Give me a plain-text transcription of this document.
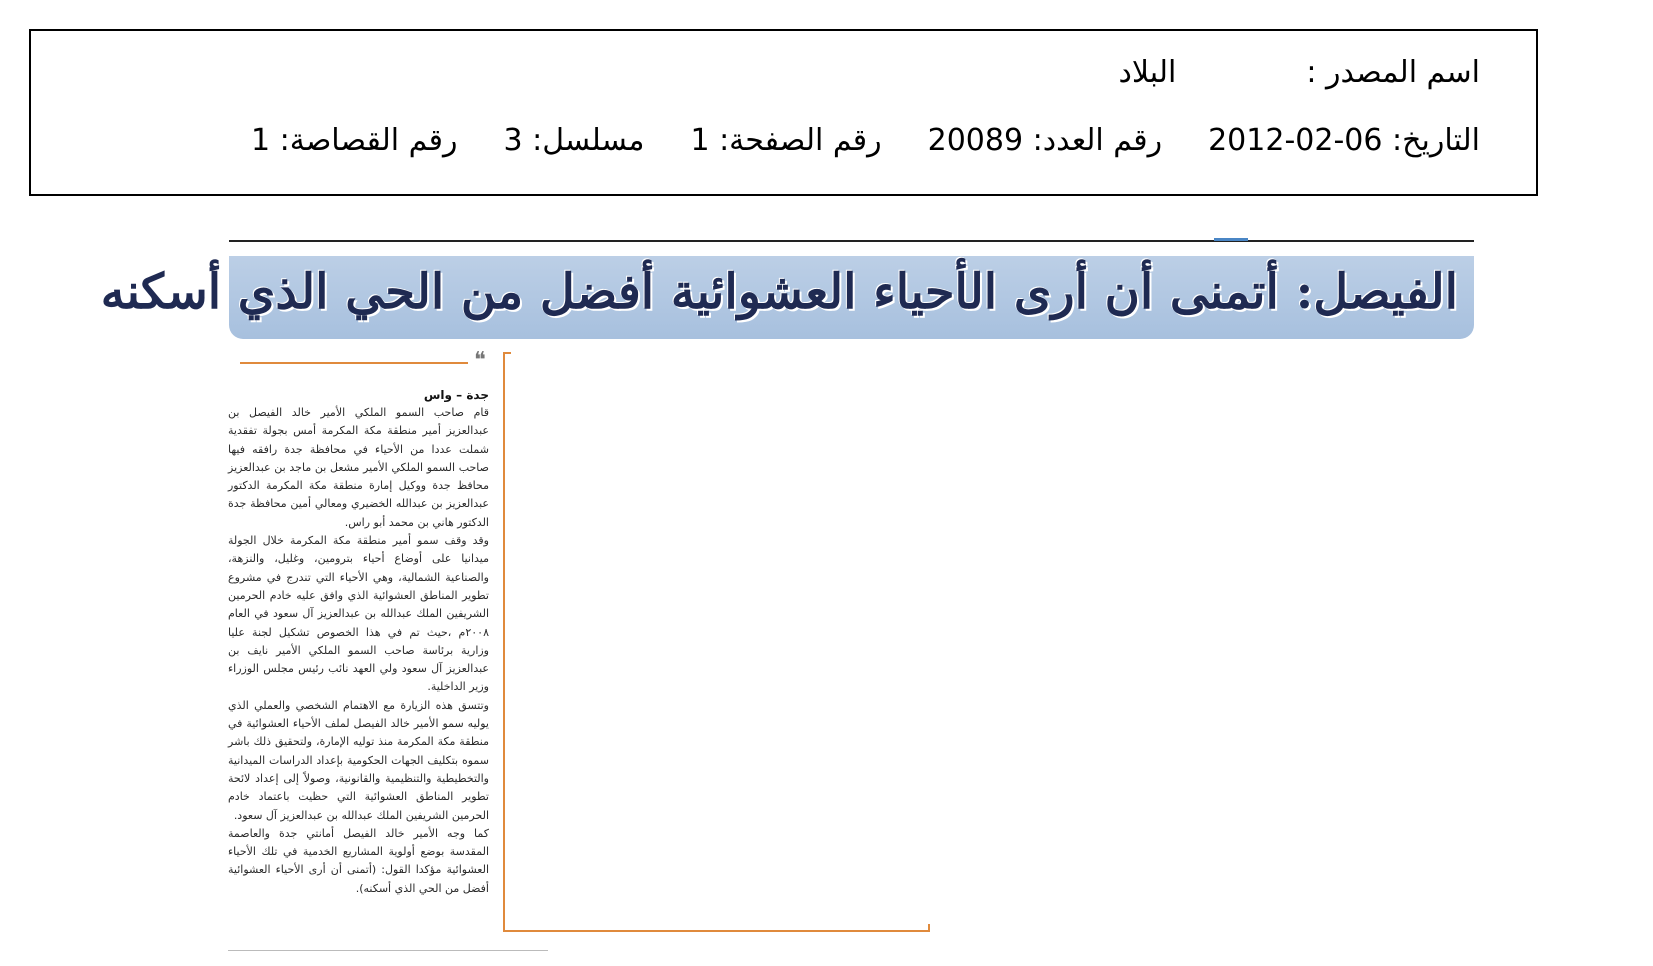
اسم المصدر :البلاد
التاريخ: 06-02-2012رقم العدد: 20089رقم الصفحة: 1مسلسل: 3رقم القصاصة: 1
الفيصل: أتمنى أن أرى الأحياء العشوائية أفضل من الحي الذي أسكنه
❝
جدة – واس

قام صاحب السمو الملكي الأمير خالد الفيصل بن عبدالعزيز أمير منطقة مكة المكرمة أمس بجولة تفقدية شملت عددا من الأحياء في محافظة جدة رافقه فيها صاحب السمو الملكي الأمير مشعل بن ماجد بن عبدالعزيز محافظ جدة ووكيل إمارة منطقة مكة المكرمة الدكتور عبدالعزيز بن عبدالله الخضيري ومعالي أمين محافظة جدة الدكتور هاني بن محمد أبو راس.

وقد وقف سمو أمير منطقة مكة المكرمة خلال الجولة ميدانيا على أوضاع أحياء بترومين، وغليل، والنزهة، والصناعية الشمالية، وهي الأحياء التي تندرج في مشروع تطوير المناطق العشوائية الذي وافق عليه خادم الحرمين الشريفين الملك عبدالله بن عبدالعزيز آل سعود في العام ٢٠٠٨م ،حيث تم في هذا الخصوص تشكيل لجنة عليا وزارية برئاسة صاحب السمو الملكي الأمير نايف بن عبدالعزيز آل سعود ولي العهد نائب رئيس مجلس الوزراء وزير الداخلية.

وتتسق هذه الزيارة مع الاهتمام الشخصي والعملي الذي يوليه سمو الأمير خالد الفيصل لملف الأحياء العشوائية في منطقة مكة المكرمة منذ توليه الإمارة، ولتحقيق ذلك باشر سموه بتكليف الجهات الحكومية بإعداد الدراسات الميدانية والتخطيطية والتنظيمية والقانونية، وصولاً إلى إعداد لائحة تطوير المناطق العشوائية التي حظيت باعتماد خادم الحرمين الشريفين الملك عبدالله بن عبدالعزيز آل سعود.

كما وجه الأمير خالد الفيصل أمانتي جدة والعاصمة المقدسة بوضع أولوية المشاريع الخدمية في تلك الأحياء العشوائية مؤكدا القول: (أتمنى أن أرى الأحياء العشوائية أفضل من الحي الذي أسكنه).
